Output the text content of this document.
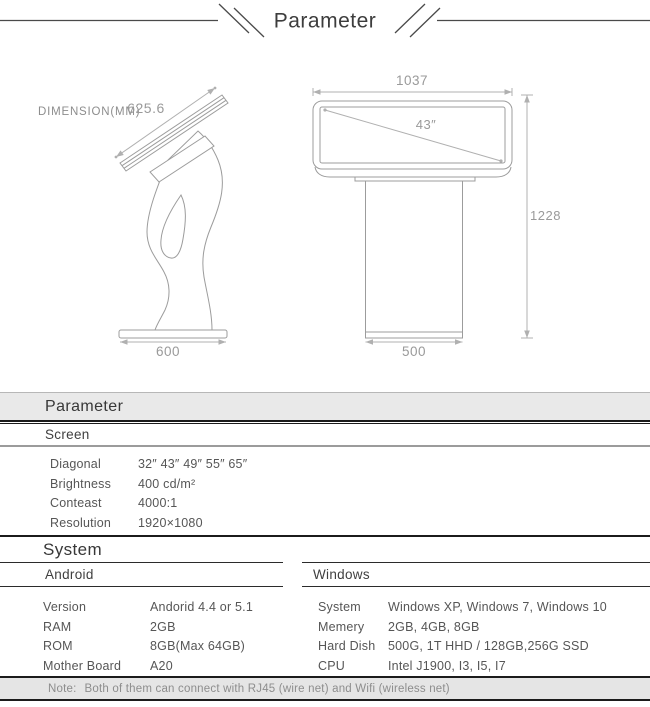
Parameter
DIMENSION(MM)
625.6
600
1037
43″
1228
500
Parameter
Screen
Diagonal	32″ 43″ 49″ 55″ 65″
Brightness	400 cd/m²
Conteast	4000:1
Resolution	1920×1080
System
Android
Version	Andorid 4.4 or 5.1
RAM	2GB
ROM	8GB(Max 64GB)
Mother Board	A20
Windows
System	Windows XP, Windows 7, Windows 10
Memery	2GB, 4GB, 8GB
Hard Dish	500G, 1T HHD / 128GB,256G SSD
CPU	Intel J1900, I3, I5, I7
Note: Both of them can connect with RJ45 (wire net) and Wifi (wireless net)
